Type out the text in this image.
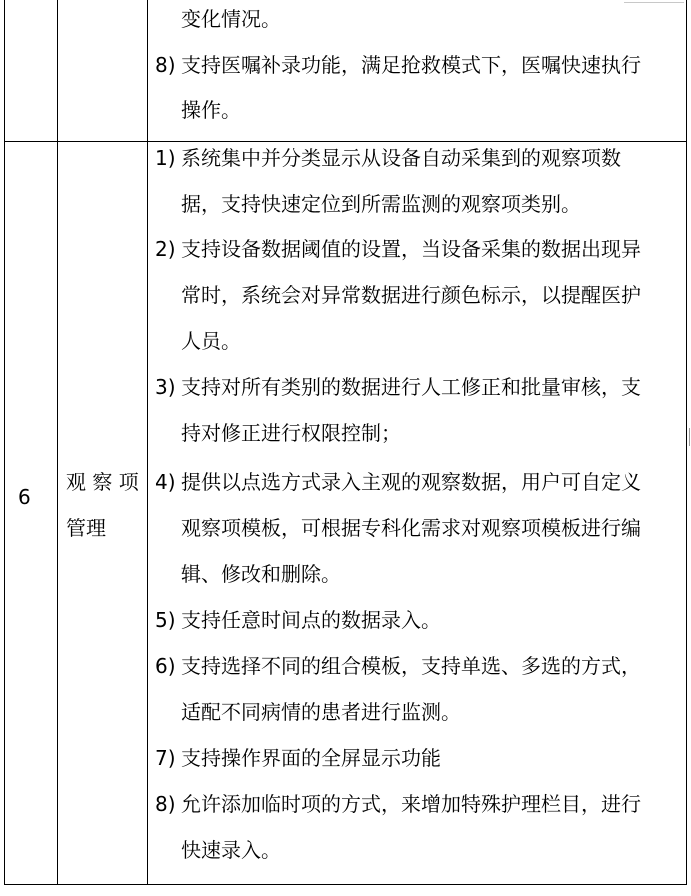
变化情况。
8) 支持医嘱补录功能，满足抢救模式下，医嘱快速执行
操作。
6
观 察 项
管理
1) 系统集中并分类显示从设备自动采集到的观察项数
据，支持快速定位到所需监测的观察项类别。
2) 支持设备数据阈值的设置，当设备采集的数据出现异
常时，系统会对异常数据进行颜色标示，以提醒医护
人员。
3) 支持对所有类别的数据进行人工修正和批量审核，支
持对修正进行权限控制；
4) 提供以点选方式录入主观的观察数据，用户可自定义
观察项模板，可根据专科化需求对观察项模板进行编
辑、修改和删除。
5) 支持任意时间点的数据录入。
6) 支持选择不同的组合模板，支持单选、多选的方式，
适配不同病情的患者进行监测。
7) 支持操作界面的全屏显示功能
8) 允许添加临时项的方式，来增加特殊护理栏目，进行
快速录入。
